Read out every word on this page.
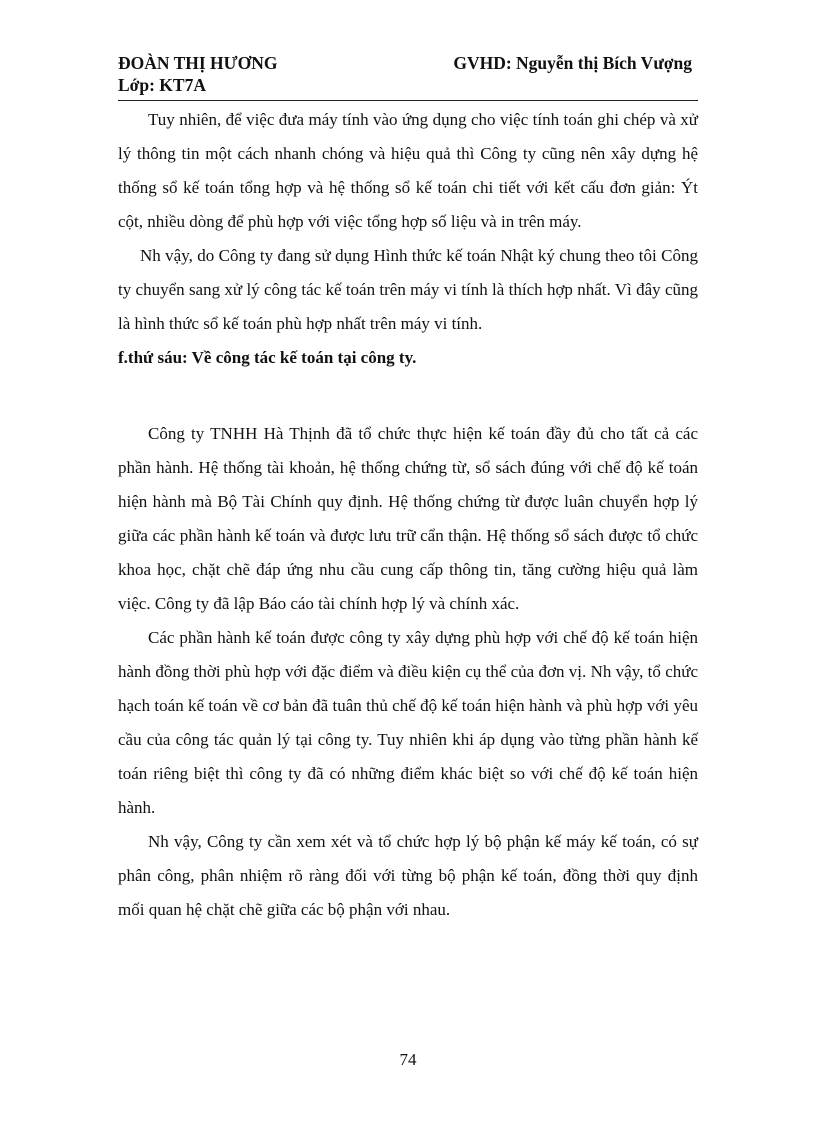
ĐOÀN THỊ HƯƠNG	GVHD: Nguyễn thị Bích Vượng
Lớp: KT7A

Tuy nhiên, để việc đưa máy tính vào ứng dụng cho việc tính toán ghi chép và xử lý thông tin một cách nhanh chóng và hiệu quả thì Công ty cũng nên xây dựng hệ thống sổ kế toán tổng hợp và hệ thống sổ kế toán chi tiết với kết cấu đơn giản: Ýt cột, nhiều dòng để phù hợp với việc tổng hợp số liệu và in trên máy.

Nh vậy, do Công ty đang sử dụng Hình thức kế toán Nhật ký chung theo tôi Công ty chuyển sang xử lý công tác kế toán trên máy vi tính là thích hợp nhất. Vì đây cũng là hình thức sổ kế toán phù hợp nhất trên máy vi tính.

f.thứ sáu: Về công tác kế toán tại công ty.

Công ty TNHH Hà Thịnh đã tổ chức thực hiện kế toán đầy đủ cho tất cả các phần hành. Hệ thống tài khoản, hệ thống chứng từ, sổ sách đúng với chế độ kế toán hiện hành mà Bộ Tài Chính quy định. Hệ thống chứng từ được luân chuyển hợp lý giữa các phần hành kế toán và được lưu trữ cẩn thận. Hệ thống sổ sách được tổ chức khoa học, chặt chẽ đáp ứng nhu cầu cung cấp thông tin, tăng cường hiệu quả làm việc. Công ty đã lập Báo cáo tài chính hợp lý và chính xác.

Các phần hành kế toán được công ty xây dựng phù hợp với chế độ kế toán hiện hành đồng thời phù hợp với đặc điểm và điều kiện cụ thể của đơn vị. Nh vậy, tổ chức hạch toán kế toán về cơ bản đã tuân thủ chế độ kế toán hiện hành và phù hợp với yêu cầu của công tác quản lý tại công ty. Tuy nhiên khi áp dụng vào từng phần hành kế toán riêng biệt thì công ty đã có những điểm khác biệt so với chế độ kế toán hiện hành.

Nh vậy, Công ty cần xem xét và tổ chức hợp lý bộ phận kế máy kế toán, có sự phân công, phân nhiệm rõ ràng đối với từng bộ phận kế toán, đồng thời quy định mối quan hệ chặt chẽ giữa các bộ phận với nhau.

74
